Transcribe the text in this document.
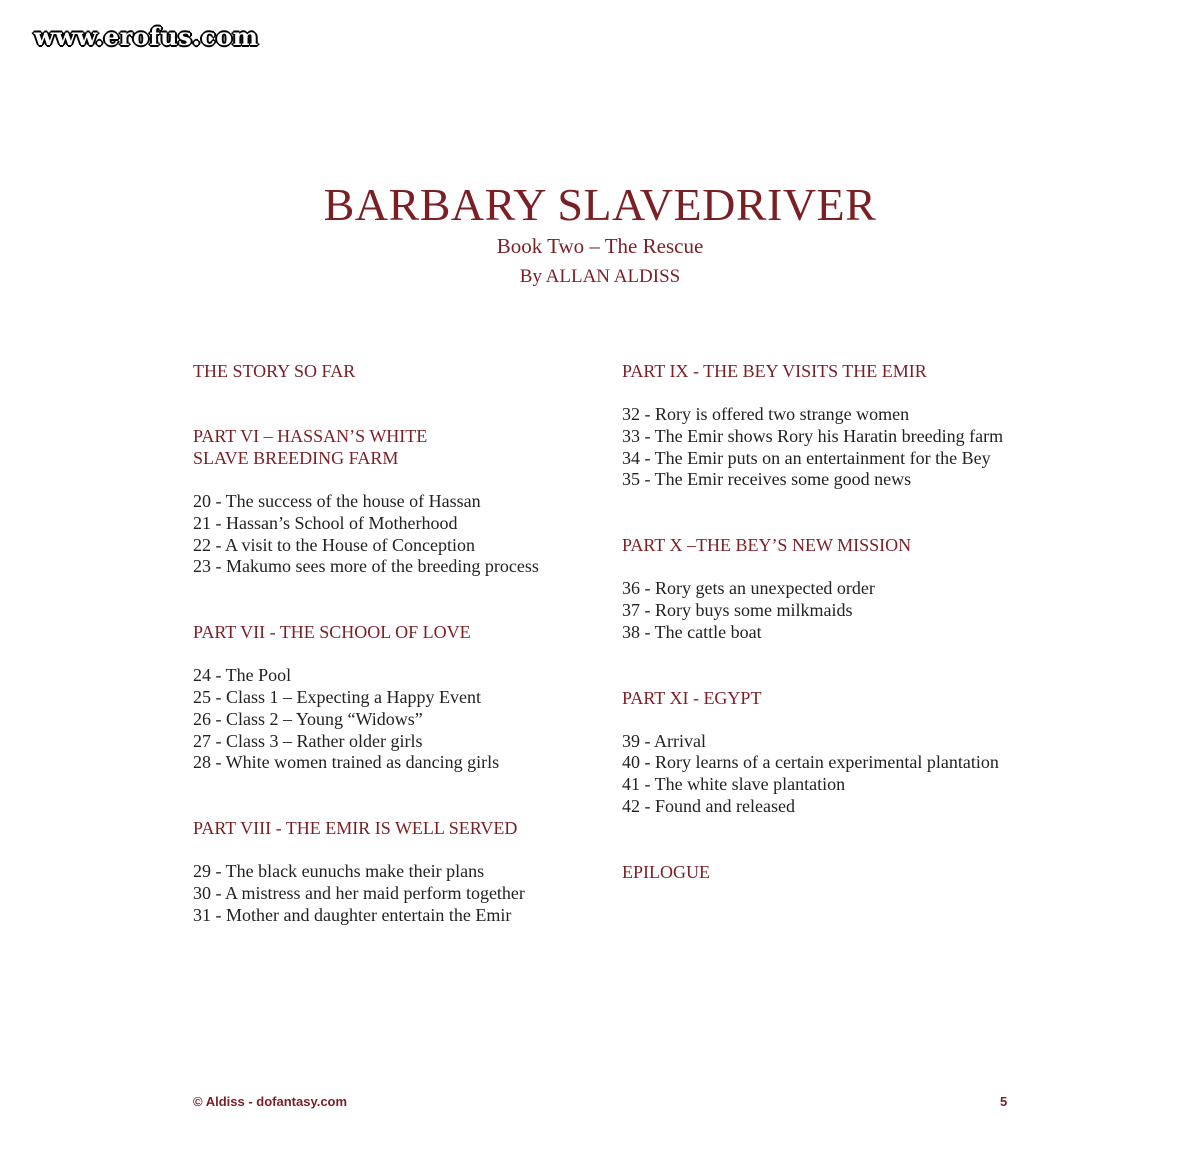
www.erofus.com
BARBARY SLAVEDRIVER
Book Two – The Rescue
By ALLAN ALDISS
THE STORY SO FAR
PART VI – HASSAN’S WHITE
SLAVE BREEDING FARM
20 - The success of the house of Hassan
21 - Hassan’s School of Motherhood
22 - A visit to the House of Conception
23 - Makumo sees more of the breeding process
PART VII - THE SCHOOL OF LOVE
24 - The Pool
25 - Class 1 – Expecting a Happy Event
26 - Class 2 – Young “Widows”
27 - Class 3 – Rather older girls
28 - White women trained as dancing girls
PART VIII - THE EMIR IS WELL SERVED
29 - The black eunuchs make their plans
30 - A mistress and her maid perform together
31 - Mother and daughter entertain the Emir
PART IX - THE BEY VISITS THE EMIR
32 - Rory is offered two strange women
33 - The Emir shows Rory his Haratin breeding farm
34 - The Emir puts on an entertainment for the Bey
35 - The Emir receives some good news
PART X –THE BEY’S NEW MISSION
36 - Rory gets an unexpected order
37 - Rory buys some milkmaids
38 - The cattle boat
PART XI - EGYPT
39 - Arrival
40 - Rory learns of a certain experimental plantation
41 - The white slave plantation
42 - Found and released
EPILOGUE
© Aldiss - dofantasy.com	5
